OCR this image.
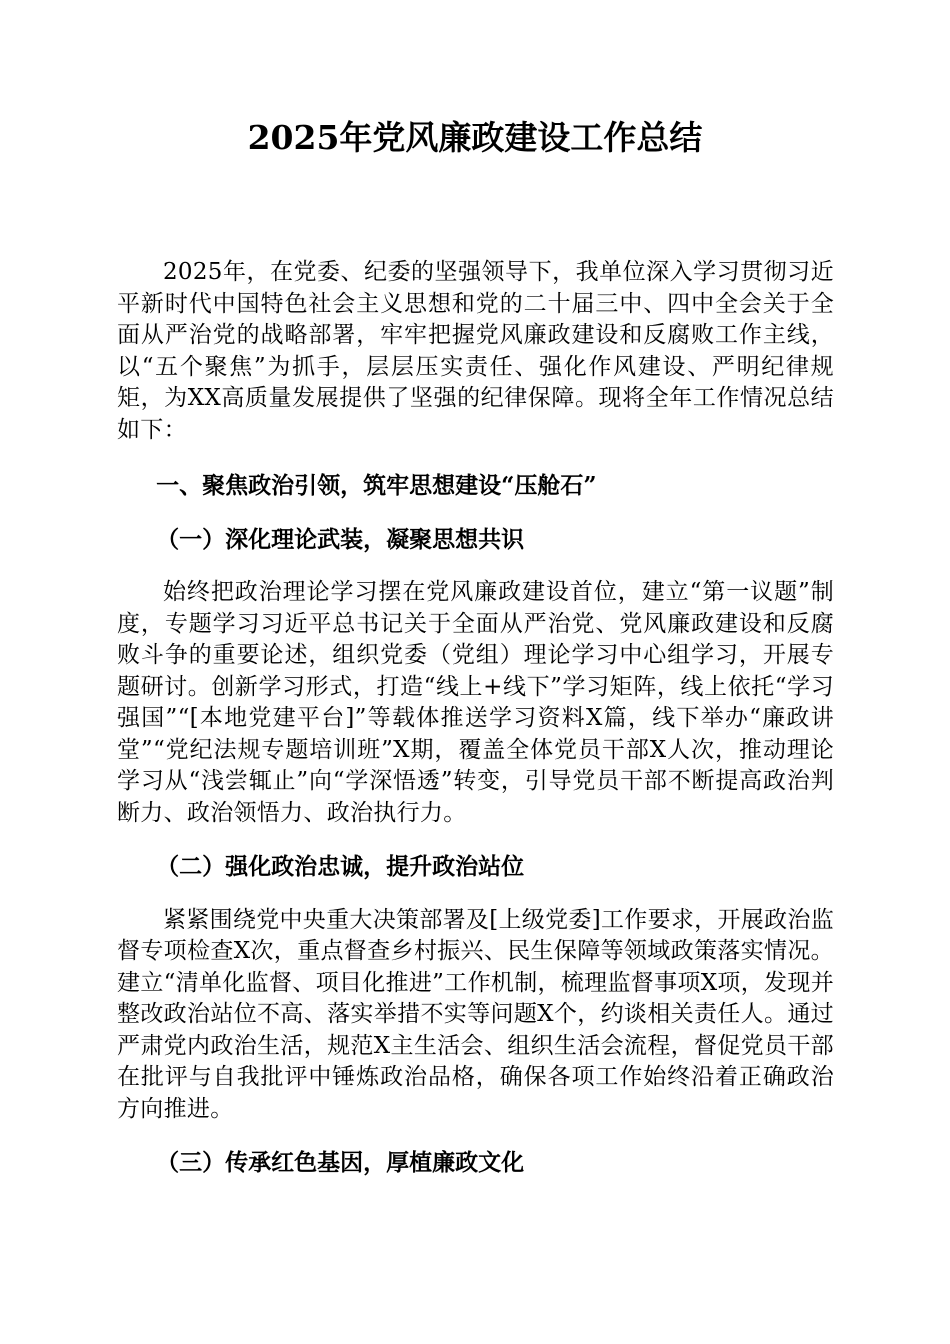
2025年党风廉政建设工作总结

2025年，在党委、纪委的坚强领导下，我单位深入学习贯彻习近平新时代中国特色社会主义思想和党的二十届三中、四中全会关于全面从严治党的战略部署，牢牢把握党风廉政建设和反腐败工作主线，以“五个聚焦”为抓手，层层压实责任、强化作风建设、严明纪律规矩，为XX高质量发展提供了坚强的纪律保障。现将全年工作情况总结如下：

一、聚焦政治引领，筑牢思想建设“压舱石”

（一）深化理论武装，凝聚思想共识

始终把政治理论学习摆在党风廉政建设首位，建立“第一议题”制度，专题学习习近平总书记关于全面从严治党、党风廉政建设和反腐败斗争的重要论述，组织党委（党组）理论学习中心组学习，开展专题研讨。创新学习形式，打造“线上+线下”学习矩阵，线上依托“学习强国”“[本地党建平台]”等载体推送学习资料X篇，线下举办“廉政讲堂”“党纪法规专题培训班”X期，覆盖全体党员干部X人次，推动理论学习从“浅尝辄止”向“学深悟透”转变，引导党员干部不断提高政治判断力、政治领悟力、政治执行力。

（二）强化政治忠诚，提升政治站位

紧紧围绕党中央重大决策部署及[上级党委]工作要求，开展政治监督专项检查X次，重点督查乡村振兴、民生保障等领域政策落实情况。建立“清单化监督、项目化推进”工作机制，梳理监督事项X项，发现并整改政治站位不高、落实举措不实等问题X个，约谈相关责任人。通过严肃党内政治生活，规范X主生活会、组织生活会流程，督促党员干部在批评与自我批评中锤炼政治品格，确保各项工作始终沿着正确政治方向推进。

（三）传承红色基因，厚植廉政文化
